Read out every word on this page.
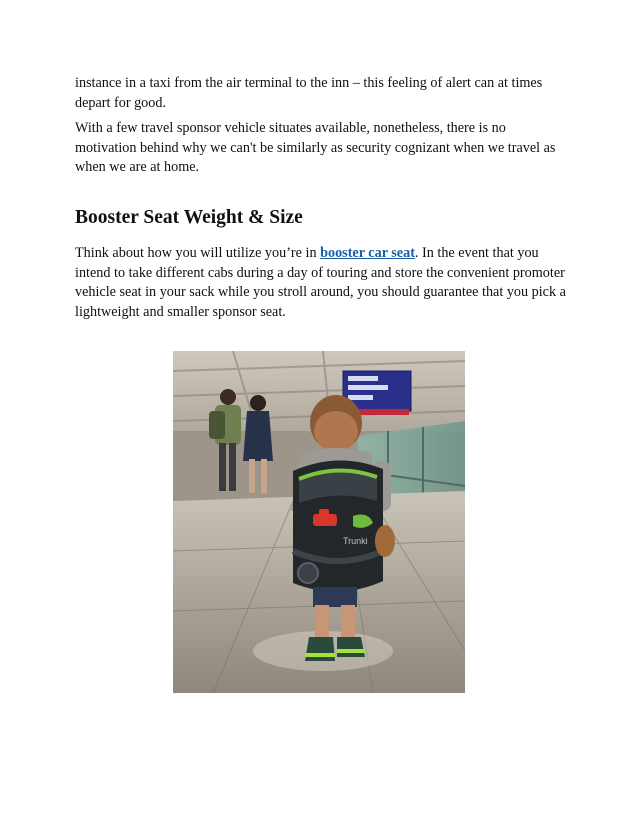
instance in a taxi from the air terminal to the inn – this feeling of alert can at times depart for good.

With a few travel sponsor vehicle situates available, nonetheless, there is no motivation behind why we can't be similarly as security cognizant when we travel as when we are at home.

Booster Seat Weight & Size

Think about how you will utilize you’re in booster car seat. In the event that you intend to take different cabs during a day of touring and store the convenient promoter vehicle seat in your sack while you stroll around, you should guarantee that you pick a lightweight and smaller sponsor seat.

Trunki
